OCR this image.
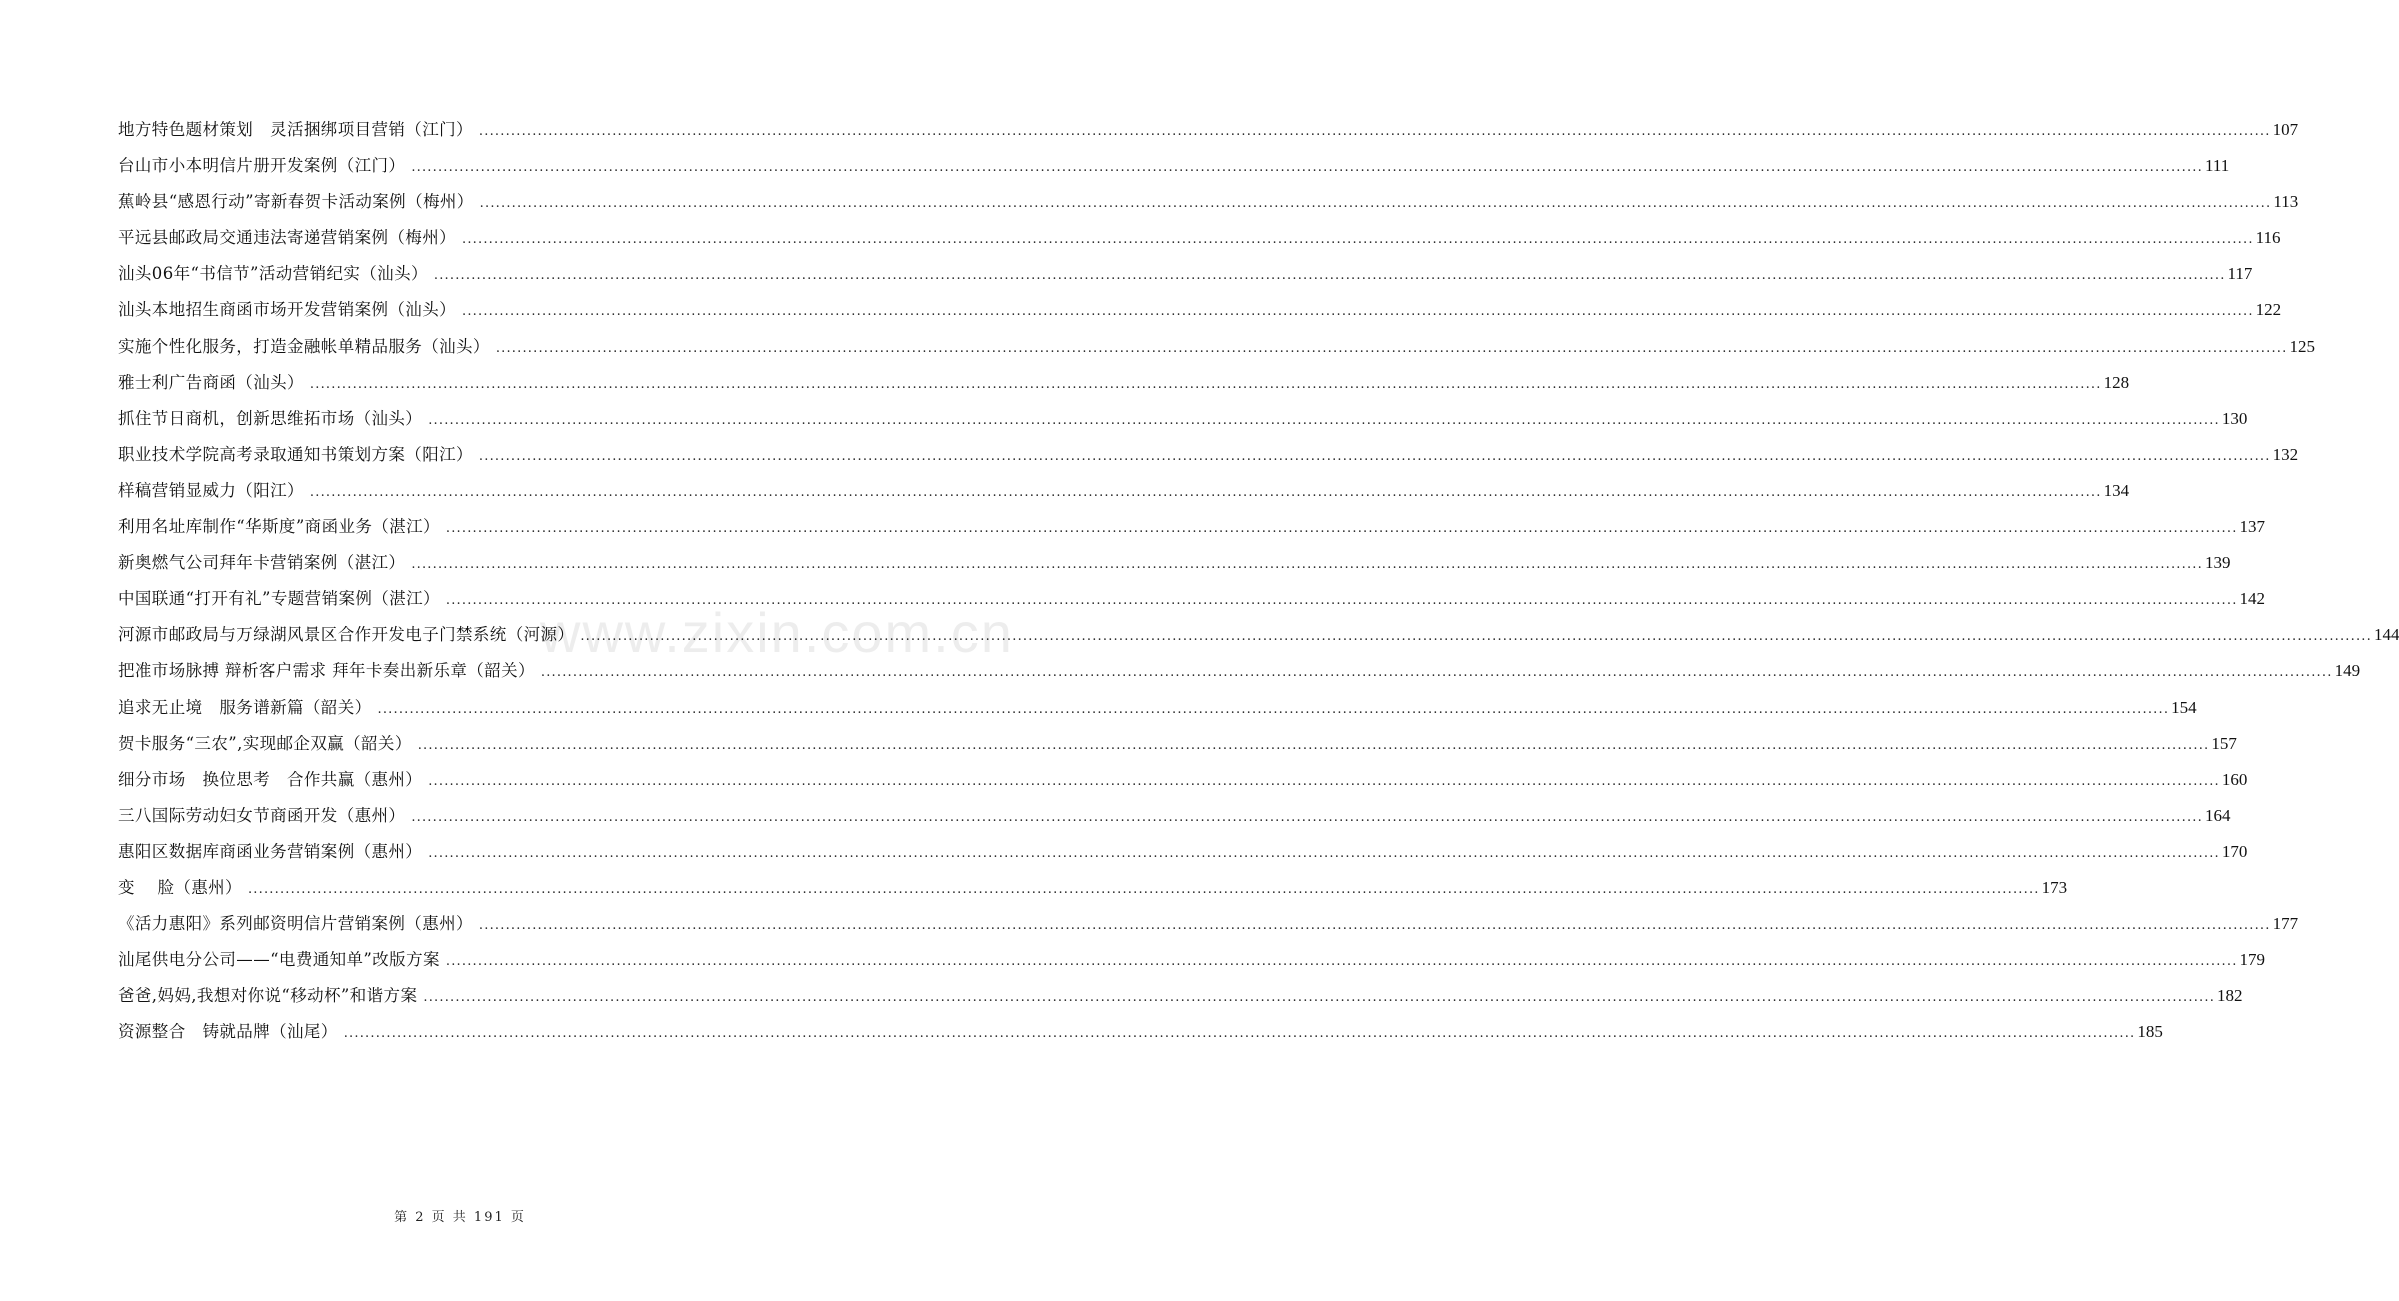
地方特色题材策划　灵活捆绑项目营销（江门） .....	107
台山市小本明信片册开发案例（江门） .....	111
蕉岭县“感恩行动”寄新春贺卡活动案例（梅州） .....	113
平远县邮政局交通违法寄递营销案例（梅州） .....	116
汕头06年“书信节”活动营销纪实（汕头） .....	117
汕头本地招生商函市场开发营销案例（汕头） .....	122
实施个性化服务，打造金融帐单精品服务（汕头） .....	125
雅士利广告商函（汕头） .....	128
抓住节日商机，创新思维拓市场（汕头） .....	130
职业技术学院高考录取通知书策划方案（阳江） .....	132
样稿营销显威力（阳江） .....	134
利用名址库制作“华斯度”商函业务（湛江） .....	137
新奥燃气公司拜年卡营销案例（湛江） .....	139
中国联通“打开有礼”专题营销案例（湛江） .....	142
河源市邮政局与万绿湖风景区合作开发电子门禁系统（河源） .....	144
把准市场脉搏 辩析客户需求 拜年卡奏出新乐章（韶关） .....	149
追求无止境　服务谱新篇（韶关） .....	154
贺卡服务“三农”,实现邮企双赢（韶关） .....	157
细分市场　换位思考　合作共赢（惠州） .....	160
三八国际劳动妇女节商函开发（惠州） .....	164
惠阳区数据库商函业务营销案例（惠州） .....	170
变　 脸（惠州） .....	173
《活力惠阳》系列邮资明信片营销案例（惠州） .....	177
汕尾供电分公司——“电费通知单”改版方案 .....	179
爸爸,妈妈,我想对你说“移动杯”和谐方案 .....	182
资源整合　铸就品牌（汕尾） .....	185
www.zixin.com.cn
第 2 页 共 191 页
